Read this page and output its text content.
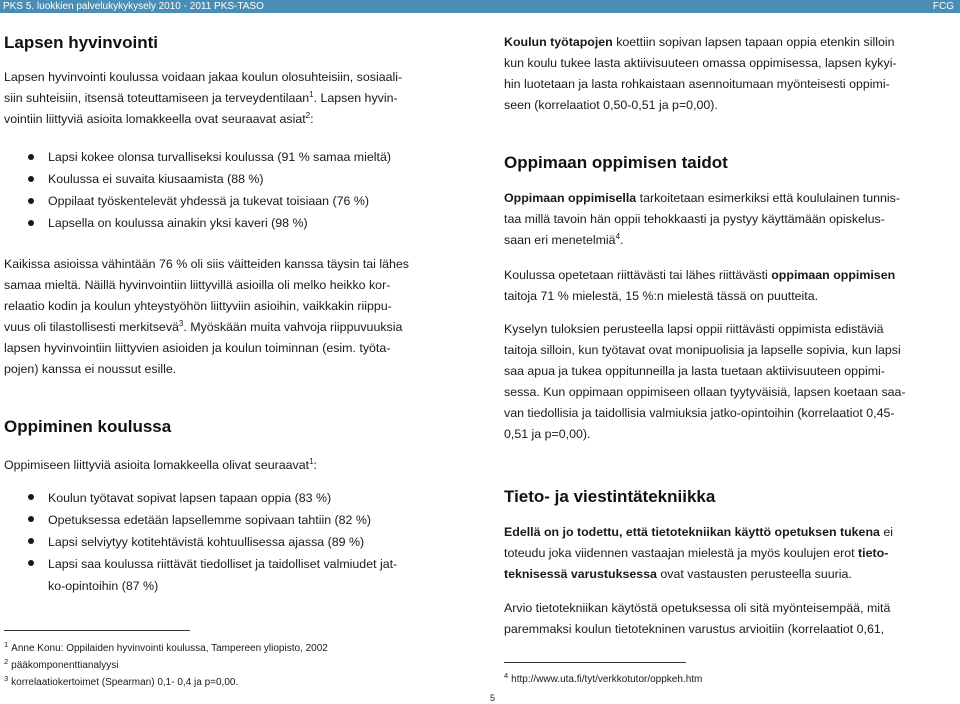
PKS 5. luokkien palvelukykykysely 2010 - 2011 PKS-TASO	FCG
Lapsen hyvinvointi

Lapsen hyvinvointi koulussa voidaan jakaa koulun olosuhteisiin, sosiaali-
siin suhteisiin, itsensä toteuttamiseen ja terveydentilaan$^1$. Lapsen hyvin-
vointiin liittyviä asioita lomakkeella ovat seuraavat asiat$^2$:

Lapsi kokee olonsa turvalliseksi koulussa (91 % samaa mieltä)
Koulussa ei suvaita kiusaamista (88 %)
Oppilaat työskentelevät yhdessä ja tukevat toisiaan (76 %)
Lapsella on koulussa ainakin yksi kaveri (98 %)

Kaikissa asioissa vähintään 76 % oli siis väitteiden kanssa täysin tai lähes
samaa mieltä. Näillä hyvinvointiin liittyvillä asioilla oli melko heikko kor-
relaatio kodin ja koulun yhteystyöhön liittyviin asioihin, vaikkakin riippu-
vuus oli tilastollisesti merkitsevä$^3$. Myöskään muita vahvoja riippuvuuksia
lapsen hyvinvointiin liittyvien asioiden ja koulun toiminnan (esim. työta-
pojen) kanssa ei noussut esille.

Oppiminen koulussa

Oppimiseen liittyviä asioita lomakkeella olivat seuraavat$^1$:

Koulun työtavat sopivat lapsen tapaan oppia (83 %)
Opetuksessa edetään lapsellemme sopivaan tahtiin (82 %)
Lapsi selviytyy kotitehtävistä kohtuullisessa ajassa (89 %)
Lapsi saa koulussa riittävät tiedolliset ja taidolliset valmiudet jat-
ko-opintoihin (87 %)
$^1$ Anne Konu: Oppilaiden hyvinvointi koulussa, Tampereen yliopisto, 2002
$^2$ pääkomponenttianalyysi
$^3$ korrelaatiokertoimet (Spearman) 0,1- 0,4 ja p=0,00.

Koulun työtapojen koettiin sopivan lapsen tapaan oppia etenkin silloin
kun koulu tukee lasta aktiivisuuteen omassa oppimisessa, lapsen kykyi-
hin luotetaan ja lasta rohkaistaan asennoitumaan myönteisesti oppimi-
seen (korrelaatiot 0,50-0,51 ja p=0,00).

Oppimaan oppimisen taidot

Oppimaan oppimisella tarkoitetaan esimerkiksi että koululainen tunnis-
taa millä tavoin hän oppii tehokkaasti ja pystyy käyttämään opiskelus-
saan eri menetelmiä$^4$.

Koulussa opetetaan riittävästi tai lähes riittävästi oppimaan oppimisen
taitoja 71 % mielestä, 15 %:n mielestä tässä on puutteita.

Kyselyn tuloksien perusteella lapsi oppii riittävästi oppimista edistäviä
taitoja silloin, kun työtavat ovat monipuolisia ja lapselle sopivia, kun lapsi
saa apua ja tukea oppitunneilla ja lasta tuetaan aktiivisuuteen oppimi-
sessa. Kun oppimaan oppimiseen ollaan tyytyväisiä, lapsen koetaan saa-
van tiedollisia ja taidollisia valmiuksia jatko-opintoihin (korrelaatiot 0,45-
0,51 ja p=0,00).

Tieto- ja viestintätekniikka

Edellä on jo todettu, että tietotekniikan käyttö opetuksen tukena ei
toteudu joka viidennen vastaajan mielestä ja myös koulujen erot tieto-
teknisessä varustuksessa ovat vastausten perusteella suuria.

Arvio tietotekniikan käytöstä opetuksessa oli sitä myönteisempää, mitä
paremmaksi koulun tietotekninen varustus arvioitiin (korrelaatiot 0,61,

$^4$ http://www.uta.fi/tyt/verkkotutor/oppkeh.htm
5
